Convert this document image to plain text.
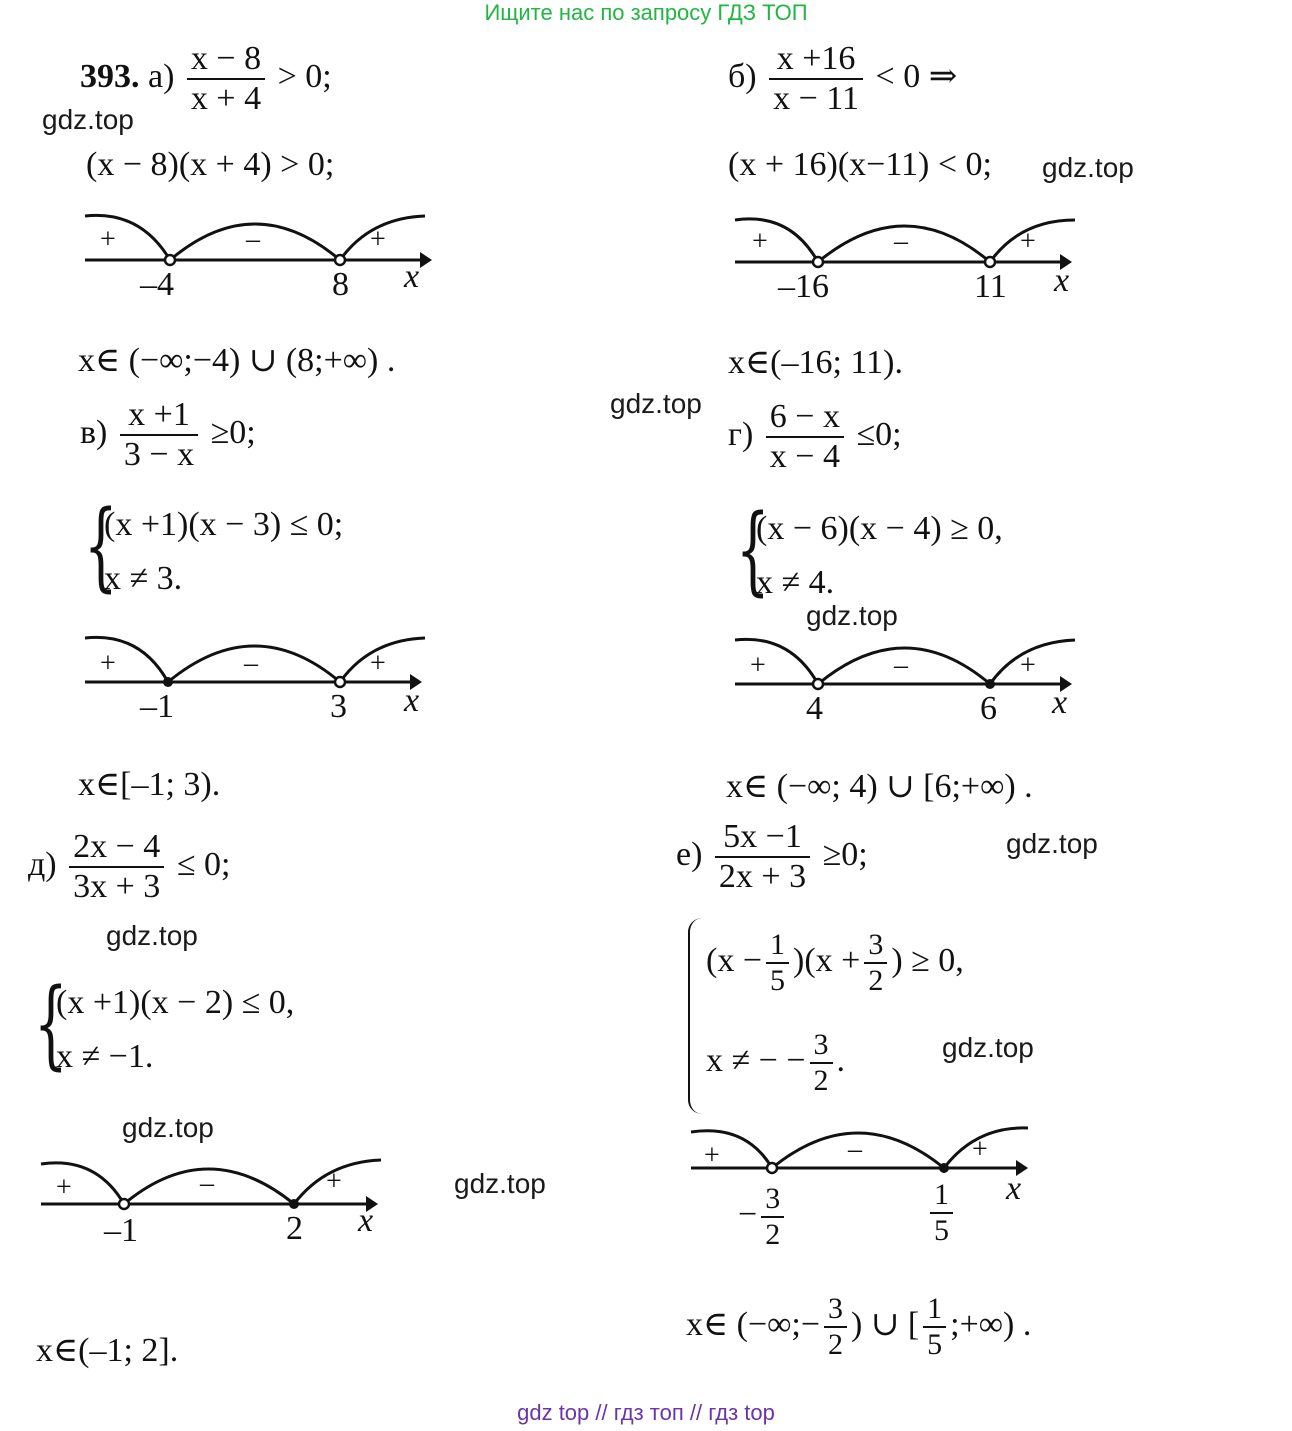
Ищите нас по запросу ГДЗ ТОП
gdz top // гдз топ // гдз top
gdz.top
gdz.top
gdz.top
gdz.top
gdz.top
gdz.top
gdz.top
gdz.top
gdz.top
393. $а) \frac{x - 8}{x + 4} > 0$;
(x − 8)(x + 4) > 0;
+	–	+
–4	8 x
x∈ (−∞;−4) ∪ (8;+∞) .
$б) \frac{x +16}{x - 11} < 0$ ⇒
(x + 16)(x−11) < 0;
+	–	+
–16	11 x
x∈(–16; 11).
$в) \frac{x +1}{3 - x} \ge 0$;
{
(x +1)(x − 3) ≤ 0;
x ≠ 3.
+	–	+
–1	3 x
x∈[–1; 3).
$г) \frac{6 - x}{x - 4} \le 0$;
{
(x − 6)(x − 4) ≥ 0,
x ≠ 4.
+	–	+
4	6 x
x∈ (−∞; 4) ∪ [6;+∞) .
$д) \frac{2x - 4}{3x + 3} \le 0$;
{
(x +1)(x − 2) ≤ 0,
x ≠ −1.
+	–	+
–1	2 x
x∈(–1; 2].
$е) \frac{5x -1}{2x + 3} \ge 0$;
$(x - \frac{1}{5} )(x + \frac{3}{2}$ ) ≥ 0,
x ≠ − − $\frac{3}{2}$ .
+	–	+
− $\frac{3}{2}$	$\frac{1}{5}$ x
x∈ (−∞;− $\frac{3}{2}$ ) ∪ [ $\frac{1}{5}$ ;+∞) .
